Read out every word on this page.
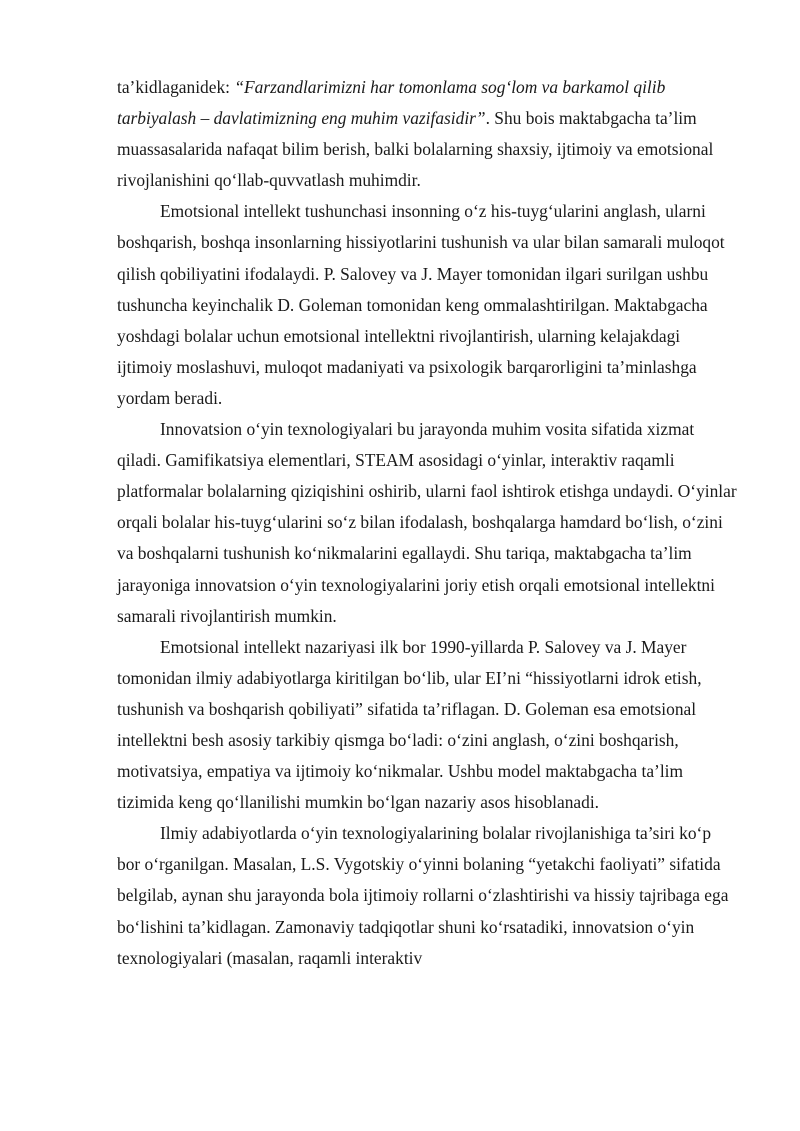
ta’kidlaganidek: “Farzandlarimizni har tomonlama sog‘lom va barkamol qilib tarbiyalash – davlatimizning eng muhim vazifasidir”. Shu bois maktabgacha ta’lim muassasalarida nafaqat bilim berish, balki bolalarning shaxsiy, ijtimoiy va emotsional rivojlanishini qo‘llab-quvvatlash muhimdir.

Emotsional intellekt tushunchasi insonning o‘z his-tuyg‘ularini anglash, ularni boshqarish, boshqa insonlarning hissiyotlarini tushunish va ular bilan samarali muloqot qilish qobiliyatini ifodalaydi. P. Salovey va J. Mayer tomonidan ilgari surilgan ushbu tushuncha keyinchalik D. Goleman tomonidan keng ommalashtirilgan. Maktabgacha yoshdagi bolalar uchun emotsional intellektni rivojlantirish, ularning kelajakdagi ijtimoiy moslashuvi, muloqot madaniyati va psixologik barqarorligini ta’minlashga yordam beradi.

Innovatsion o‘yin texnologiyalari bu jarayonda muhim vosita sifatida xizmat qiladi. Gamifikatsiya elementlari, STEAM asosidagi o‘yinlar, interaktiv raqamli platformalar bolalarning qiziqishini oshirib, ularni faol ishtirok etishga undaydi. O‘yinlar orqali bolalar his-tuyg‘ularini so‘z bilan ifodalash, boshqalarga hamdard bo‘lish, o‘zini va boshqalarni tushunish ko‘nikmalarini egallaydi. Shu tariqa, maktabgacha ta’lim jarayoniga innovatsion o‘yin texnologiyalarini joriy etish orqali emotsional intellektni samarali rivojlantirish mumkin.

Emotsional intellekt nazariyasi ilk bor 1990-yillarda P. Salovey va J. Mayer tomonidan ilmiy adabiyotlarga kiritilgan bo‘lib, ular EI’ni “hissiyotlarni idrok etish, tushunish va boshqarish qobiliyati” sifatida ta’riflagan. D. Goleman esa emotsional intellektni besh asosiy tarkibiy qismga bo‘ladi: o‘zini anglash, o‘zini boshqarish, motivatsiya, empatiya va ijtimoiy ko‘nikmalar. Ushbu model maktabgacha ta’lim tizimida keng qo‘llanilishi mumkin bo‘lgan nazariy asos hisoblanadi.

Ilmiy adabiyotlarda o‘yin texnologiyalarining bolalar rivojlanishiga ta’siri ko‘p bor o‘rganilgan. Masalan, L.S. Vygotskiy o‘yinni bolaning “yetakchi faoliyati” sifatida belgilab, aynan shu jarayonda bola ijtimoiy rollarni o‘zlashtirishi va hissiy tajribaga ega bo‘lishini ta’kidlagan. Zamonaviy tadqiqotlar shuni ko‘rsatadiki, innovatsion o‘yin texnologiyalari (masalan, raqamli interaktiv
